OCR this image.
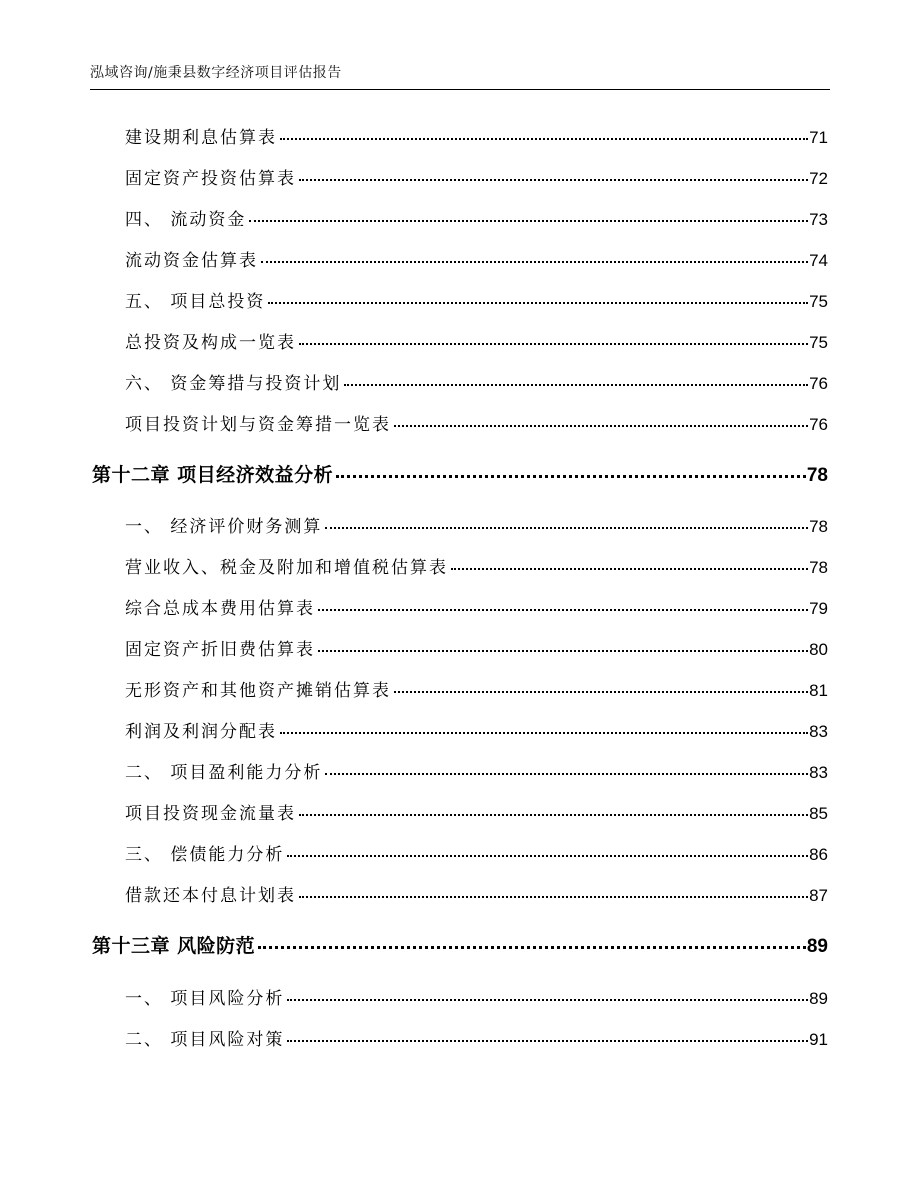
泓域咨询/施秉县数字经济项目评估报告
建设期利息估算表	71
固定资产投资估算表	72
四、 流动资金	73
流动资金估算表	74
五、 项目总投资	75
总投资及构成一览表	75
六、 资金筹措与投资计划	76
项目投资计划与资金筹措一览表	76
第十二章 项目经济效益分析	78
一、 经济评价财务测算	78
营业收入、税金及附加和增值税估算表	78
综合总成本费用估算表	79
固定资产折旧费估算表	80
无形资产和其他资产摊销估算表	81
利润及利润分配表	83
二、 项目盈利能力分析	83
项目投资现金流量表	85
三、 偿债能力分析	86
借款还本付息计划表	87
第十三章 风险防范	89
一、 项目风险分析	89
二、 项目风险对策	91
